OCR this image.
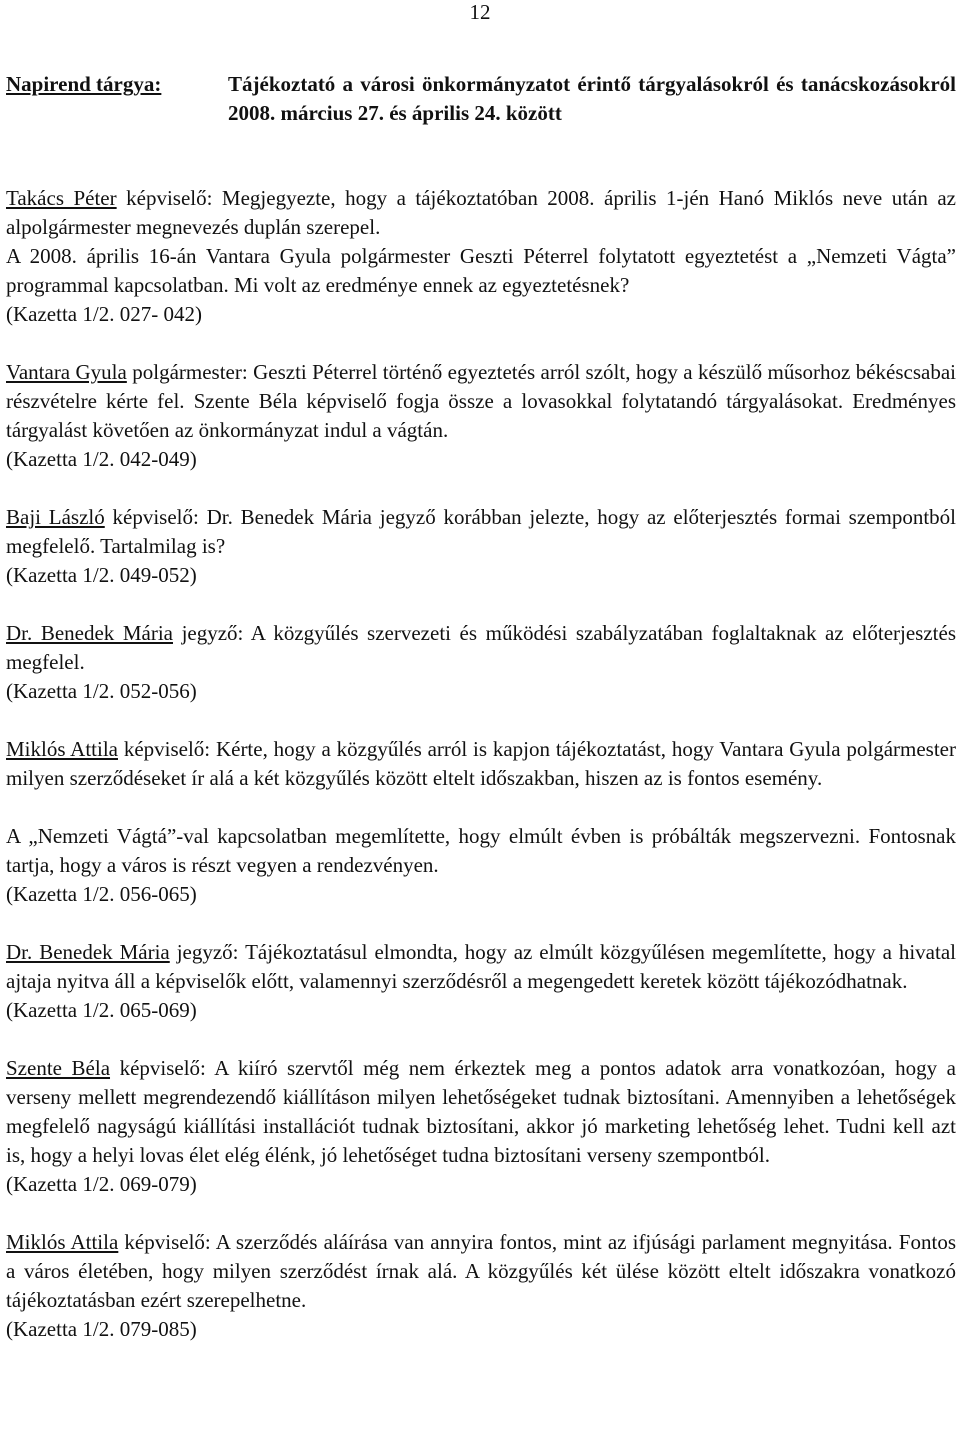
12
Napirend tárgya:	Tájékoztató a városi önkormányzatot érintő tárgyalásokról és tanácskozásokról 2008. március 27. és április 24. között
Takács Péter képviselő: Megjegyezte, hogy a tájékoztatóban 2008. április 1-jén Hanó Miklós neve után az alpolgármester megnevezés duplán szerepel.
A 2008. április 16-án Vantara Gyula polgármester Geszti Péterrel folytatott egyeztetést a „Nemzeti Vágta” programmal kapcsolatban. Mi volt az eredménye ennek az egyeztetésnek?
(Kazetta 1/2. 027- 042)
Vantara Gyula polgármester: Geszti Péterrel történő egyeztetés arról szólt, hogy a készülő műsorhoz békéscsabai részvételre kérte fel. Szente Béla képviselő fogja össze a lovasokkal folytatandó tárgyalásokat. Eredményes tárgyalást követően az önkormányzat indul a vágtán.
(Kazetta 1/2. 042-049)
Baji László képviselő: Dr. Benedek Mária jegyző korábban jelezte, hogy az előterjesztés formai szempontból megfelelő. Tartalmilag is?
(Kazetta 1/2. 049-052)
Dr. Benedek Mária jegyző: A közgyűlés szervezeti és működési szabályzatában foglaltaknak az előterjesztés megfelel.
(Kazetta 1/2. 052-056)
Miklós Attila képviselő: Kérte, hogy a közgyűlés arról is kapjon tájékoztatást, hogy Vantara Gyula polgármester milyen szerződéseket ír alá a két közgyűlés között eltelt időszakban, hiszen az is fontos esemény.
A „Nemzeti Vágtá”-val kapcsolatban megemlítette, hogy elmúlt évben is próbálták megszervezni. Fontosnak tartja, hogy a város is részt vegyen a rendezvényen.
(Kazetta 1/2. 056-065)
Dr. Benedek Mária jegyző: Tájékoztatásul elmondta, hogy az elmúlt közgyűlésen megemlítette, hogy a hivatal ajtaja nyitva áll a képviselők előtt, valamennyi szerződésről a megengedett keretek között tájékozódhatnak.
(Kazetta 1/2. 065-069)
Szente Béla képviselő: A kiíró szervtől még nem érkeztek meg a pontos adatok arra vonatkozóan, hogy a verseny mellett megrendezendő kiállításon milyen lehetőségeket tudnak biztosítani. Amennyiben a lehetőségek megfelelő nagyságú kiállítási installációt tudnak biztosítani, akkor jó marketing lehetőség lehet. Tudni kell azt is, hogy a helyi lovas élet elég élénk, jó lehetőséget tudna biztosítani verseny szempontból.
(Kazetta 1/2. 069-079)
Miklós Attila képviselő: A szerződés aláírása van annyira fontos, mint az ifjúsági parlament megnyitása. Fontos a város életében, hogy milyen szerződést írnak alá. A közgyűlés két ülése között eltelt időszakra vonatkozó tájékoztatásban ezért szerepelhetne.
(Kazetta 1/2. 079-085)
